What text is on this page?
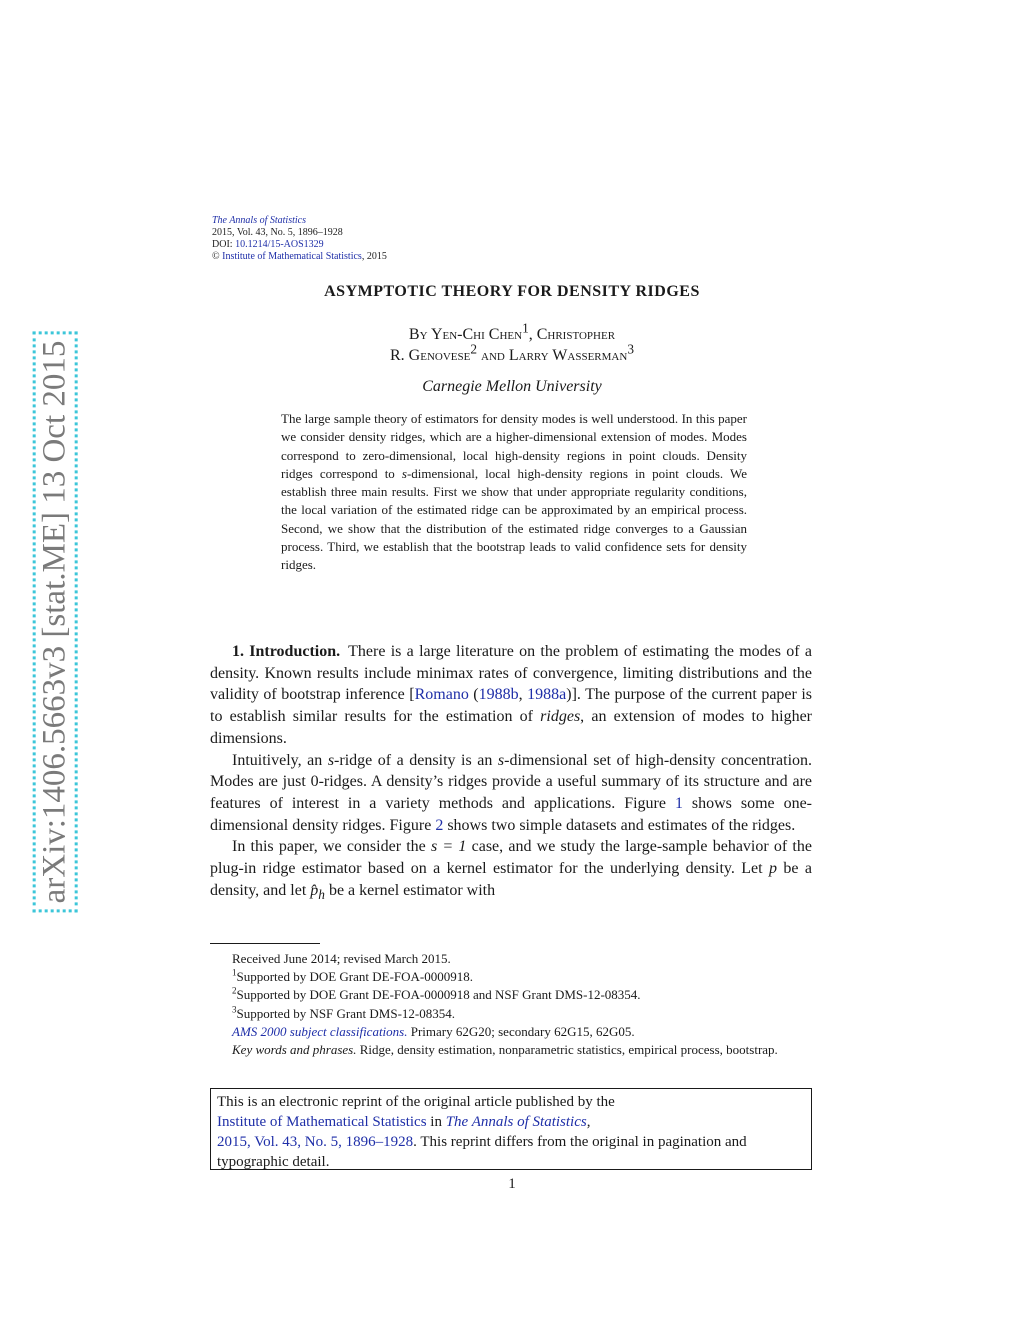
arXiv:1406.5663v3 [stat.ME] 13 Oct 2015
The Annals of Statistics
2015, Vol. 43, No. 5, 1896–1928
DOI: 10.1214/15-AOS1329
© Institute of Mathematical Statistics, 2015
ASYMPTOTIC THEORY FOR DENSITY RIDGES
By Yen-Chi Chen$^1$, Christopher
R. Genovese$^2$ and Larry Wasserman$^3$
Carnegie Mellon University
The large sample theory of estimators for density modes is well understood. In this paper we consider density ridges, which are a higher-dimensional extension of modes. Modes correspond to zero-dimensional, local high-density regions in point clouds. Density ridges correspond to s-dimensional, local high-density regions in point clouds. We establish three main results. First we show that under appropriate regularity conditions, the local variation of the estimated ridge can be approximated by an empirical process. Second, we show that the distribution of the estimated ridge converges to a Gaussian process. Third, we establish that the bootstrap leads to valid confidence sets for density ridges.

1. Introduction. There is a large literature on the problem of estimating the modes of a density. Known results include minimax rates of convergence, limiting distributions and the validity of bootstrap inference [Romano (1988b, 1988a)]. The purpose of the current paper is to establish similar results for the estimation of ridges, an extension of modes to higher dimensions.

Intuitively, an s-ridge of a density is an s-dimensional set of high-density concentration. Modes are just 0-ridges. A density’s ridges provide a useful summary of its structure and are features of interest in a variety methods and applications. Figure 1 shows some one-dimensional density ridges. Figure 2 shows two simple datasets and estimates of the ridges.

In this paper, we consider the s = 1 case, and we study the large-sample behavior of the plug-in ridge estimator based on a kernel estimator for the underlying density. Let p be a density, and let $p̂_h$ be a kernel estimator with

Received June 2014; revised March 2015.
$^1$Supported by DOE Grant DE-FOA-0000918.
$^2$Supported by DOE Grant DE-FOA-0000918 and NSF Grant DMS-12-08354.
$^3$Supported by NSF Grant DMS-12-08354.
AMS 2000 subject classifications. Primary 62G20; secondary 62G15, 62G05.
Key words and phrases. Ridge, density estimation, nonparametric statistics, empirical process, bootstrap.
This is an electronic reprint of the original article published by the
Institute of Mathematical Statistics in The Annals of Statistics,
2015, Vol. 43, No. 5, 1896–1928. This reprint differs from the original in pagination and typographic detail.
1
